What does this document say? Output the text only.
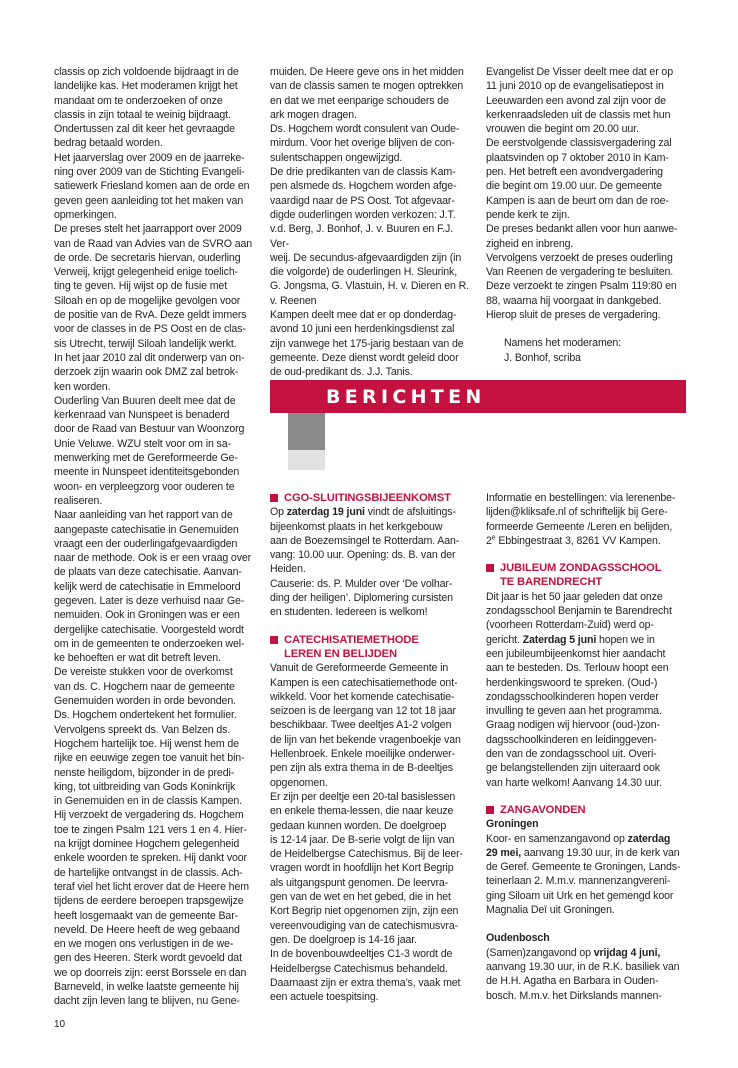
classis op zich voldoende bijdraagt in de

landelijke kas. Het moderamen krijgt het

mandaat om te onderzoeken of onze

classis in zijn totaal te weinig bijdraagt.

Ondertussen zal dit keer het gevraagde

bedrag betaald worden.

Het jaarverslag over 2009 en de jaarreke-

ning over 2009 van de Stichting Evangeli-

satiewerk Friesland komen aan de orde en

geven geen aanleiding tot het maken van

opmerkingen.

De preses stelt het jaarrapport over 2009

van de Raad van Advies van de SVRO aan

de orde. De secretaris hiervan, ouderling

Verweij, krijgt gelegenheid enige toelich-

ting te geven. Hij wijst op de fusie met

Siloah en op de mogelijke gevolgen voor

de positie van de RvA. Deze geldt immers

voor de classes in de PS Oost en de clas-

sis Utrecht, terwijl Siloah landelijk werkt.

In het jaar 2010 zal dit onderwerp van on-

derzoek zijn waarin ook DMZ zal betrok-

ken worden.

Ouderling Van Buuren deelt mee dat de

kerkenraad van Nunspeet is benaderd

door de Raad van Bestuur van Woonzorg

Unie Veluwe. WZU stelt voor om in sa-

menwerking met de Gereformeerde Ge-

meente in Nunspeet identiteitsgebonden

woon- en verpleegzorg voor ouderen te

realiseren.

Naar aanleiding van het rapport van de

aangepaste catechisatie in Genemuiden

vraagt een der ouderlingafgevaardigden

naar de methode. Ook is er een vraag over

de plaats van deze catechisatie. Aanvan-

kelijk werd de catechisatie in Emmeloord

gegeven. Later is deze verhuisd naar Ge-

nemuiden. Ook in Groningen was er een

dergelijke catechisatie. Voorgesteld wordt

om in de gemeenten te onderzoeken wel-

ke behoeften er wat dit betreft leven.

De vereiste stukken voor de overkomst

van ds. C. Hogchem naar de gemeente

Genemuiden worden in orde bevonden.

Ds. Hogchem ondertekent het formulier.

Vervolgens spreekt ds. Van Belzen ds.

Hogchem hartelijk toe. Hij wenst hem de

rijke en eeuwige zegen toe vanuit het bin-

nenste heiligdom, bijzonder in de predi-

king, tot uitbreiding van Gods Koninkrijk

in Genemuiden en in de classis Kampen.

Hij verzoekt de vergadering ds. Hogchem

toe te zingen Psalm 121 vers 1 en 4. Hier-

na krijgt dominee Hogchem gelegenheid

enkele woorden te spreken. Hij dankt voor

de hartelijke ontvangst in de classis. Ach-

teraf viel het licht erover dat de Heere hem

tijdens de eerdere beroepen trapsgewijze

heeft losgemaakt van de gemeente Bar-

neveld. De Heere heeft de weg gebaand

en we mogen ons verlustigen in de we-

gen des Heeren. Sterk wordt gevoeld dat

we op doorreis zijn: eerst Borssele en dan

Barneveld, in welke laatste gemeente hij

dacht zijn leven lang te blijven, nu Gene-

muiden. De Heere geve ons in het midden

van de classis samen te mogen optrekken

en dat we met eenparige schouders de

ark mogen dragen.

Ds. Hogchem wordt consulent van Oude-

mirdum. Voor het overige blijven de con-

sulentschappen ongewijzigd.

De drie predikanten van de classis Kam-

pen alsmede ds. Hogchem worden afge-

vaardigd naar de PS Oost. Tot afgevaar-

digde ouderlingen worden verkozen: J.T.

v.d. Berg, J. Bonhof, J. v. Buuren en F.J. Ver-

weij. De secundus-afgevaardigden zijn (in

die volgorde) de ouderlingen H. Sleurink,

G. Jongsma, G. Vlastuin, H. v. Dieren en R.

v. Reenen

Kampen deelt mee dat er op donderdag-

avond 10 juni een herdenkingsdienst zal

zijn vanwege het 175-jarig bestaan van de

gemeente. Deze dienst wordt geleid door

de oud-predikant ds. J.J. Tanis.

Evangelist De Visser deelt mee dat er op

11 juni 2010 op de evangelisatiepost in

Leeuwarden een avond zal zijn voor de

kerkenraadsleden uit de classis met hun

vrouwen die begint om 20.00 uur.

De eerstvolgende classisvergadering zal

plaatsvinden op 7 oktober 2010 in Kam-

pen. Het betreft een avondvergadering

die begint om 19.00 uur. De gemeente

Kampen is aan de beurt om dan de roe-

pende kerk te zijn.

De preses bedankt allen voor hun aanwe-

zigheid en inbreng.

Vervolgens verzoekt de preses ouderling

Van Reenen de vergadering te besluiten.

Deze verzoekt te zingen Psalm 119:80 en

88, waarna hij voorgaat in dankgebed.

Hierop sluit de preses de vergadering.

Namens het moderamen:

J. Bonhof, scriba

BERICHTEN

CGO-SLUITINGSBIJEENKOMST

Op zaterdag 19 juni vindt de afsluitings-

bijeenkomst plaats in het kerkgebouw

aan de Boezemsingel te Rotterdam. Aan-

vang: 10.00 uur. Opening: ds. B. van der

Heiden.

Causerie: ds. P. Mulder over ‘De volhar-

ding der heiligen’. Diplomering cursisten

en studenten. Iedereen is welkom!

CATECHISATIEMETHODE
LEREN EN BELIJDEN

Vanuit de Gereformeerde Gemeente in

Kampen is een catechisatiemethode ont-

wikkeld. Voor het komende catechisatie-

seizoen is de leergang van 12 tot 18 jaar

beschikbaar. Twee deeltjes A1-2 volgen

de lijn van het bekende vragenboekje van

Hellenbroek. Enkele moeilijke onderwer-

pen zijn als extra thema in de B-deeltjes

opgenomen.

Er zijn per deeltje een 20-tal basislessen

en enkele thema-lessen, die naar keuze

gedaan kunnen worden. De doelgroep

is 12-14 jaar. De B-serie volgt de lijn van

de Heidelbergse Catechismus. Bij de leer-

vragen wordt in hoofdlijn het Kort Begrip

als uitgangspunt genomen. De leervra-

gen van de wet en het gebed, die in het

Kort Begrip niet opgenomen zijn, zijn een

vereenvoudiging van de catechismusvra-

gen. De doelgroep is 14-16 jaar.

In de bovenbouwdeeltjes C1-3 wordt de

Heidelbergse Catechismus behandeld.

Daarnaast zijn er extra thema’s, vaak met

een actuele toespitsing.

Informatie en bestellingen: via lerenenbe-

lijden@kliksafe.nl of schriftelijk bij Gere-

formeerde Gemeente /Leren en belijden,

2e Ebbingestraat 3, 8261 VV Kampen.

JUBILEUM ZONDAGSSCHOOL
TE BARENDRECHT

Dit jaar is het 50 jaar geleden dat onze

zondagsschool Benjamin te Barendrecht

(voorheen Rotterdam-Zuid) werd op-

gericht. Zaterdag 5 juni hopen we in

een jubileumbijeenkomst hier aandacht

aan te besteden. Ds. Terlouw hoopt een

herdenkingswoord te spreken. (Oud-)

zondagsschoolkinderen hopen verder

invulling te geven aan het programma.

Graag nodigen wij hiervoor (oud-)zon-

dagsschoolkinderen en leidinggeven-

den van de zondagsschool uit. Overi-

ge belangstellenden zijn uiteraard ook

van harte welkom! Aanvang 14.30 uur.

ZANGAVONDEN

Groningen

Koor- en samenzangavond op zaterdag

29 mei, aanvang 19.30 uur, in de kerk van

de Geref. Gemeente te Groningen, Lands-

teinerlaan 2. M.m.v. mannenzangvereni-

ging Siloam uit Urk en het gemengd koor

Magnalia Deï uit Groningen.

Oudenbosch

(Samen)zangavond op vrijdag 4 juni,

aanvang 19.30 uur, in de R.K. basiliek van

de H.H. Agatha en Barbara in Ouden-

bosch. M.m.v. het Dirkslands mannen-

10
